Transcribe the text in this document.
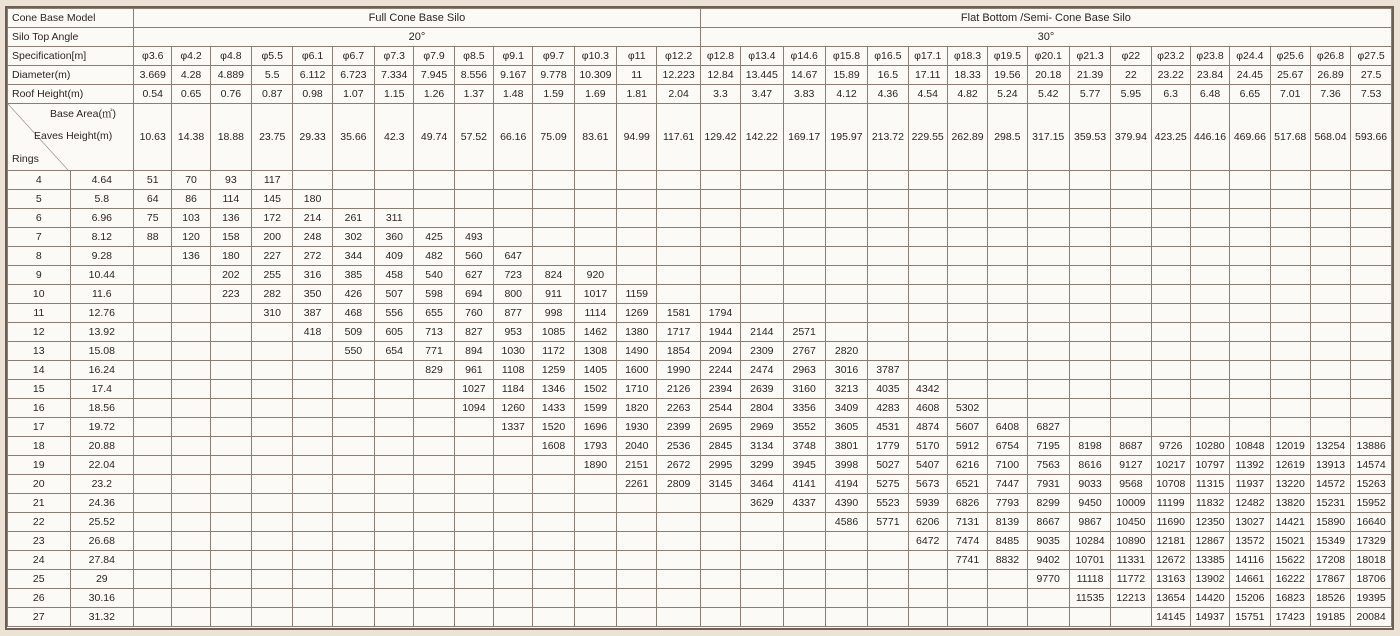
Cone Base Model		Full Cone Base Silo														Flat Bottom /Semi- Cone Base Silo																
Silo Top Angle		20°														30°																
Specification[m]		φ3.6	φ4.2	φ4.8	φ5.5	φ6.1	φ6.7	φ7.3	φ7.9	φ8.5	φ9.1	φ9.7	φ10.3	φ11	φ12.2	φ12.8	φ13.4	φ14.6	φ15.8	φ16.5	φ17.1	φ18.3	φ19.5	φ20.1	φ21.3	φ22	φ23.2	φ23.8	φ24.4	φ25.6	φ26.8	φ27.5
Diameter(m)		3.669	4.28	4.889	5.5	6.112	6.723	7.334	7.945	8.556	9.167	9.778	10.309	11	12.223	12.84	13.445	14.67	15.89	16.5	17.11	18.33	19.56	20.18	21.39	22	23.22	23.84	24.45	25.67	26.89	27.5
Roof Height(m)		0.54	0.65	0.76	0.87	0.98	1.07	1.15	1.26	1.37	1.48	1.59	1.69	1.81	2.04	3.3	3.47	3.83	4.12	4.36	4.54	4.82	5.24	5.42	5.77	5.95	6.3	6.48	6.65	7.01	7.36	7.53

Base Area(㎡)
Eaves Height(m)
Rings		10.63	14.38	18.88	23.75	29.33	35.66	42.3	49.74	57.52	66.16	75.09	83.61	94.99	117.61	129.42	142.22	169.17	195.97	213.72	229.55	262.89	298.5	317.15	359.53	379.94	423.25	446.16	469.66	517.68	568.04	593.66
4	4.64	51	70	93	117																											
5	5.8	64	86	114	145	180																										
6	6.96	75	103	136	172	214	261	311																								
7	8.12	88	120	158	200	248	302	360	425	493																						
8	9.28		136	180	227	272	344	409	482	560	647																					
9	10.44			202	255	316	385	458	540	627	723	824	920																			
10	11.6			223	282	350	426	507	598	694	800	911	1017	1159																		
11	12.76				310	387	468	556	655	760	877	998	1114	1269	1581	1794																
12	13.92					418	509	605	713	827	953	1085	1462	1380	1717	1944	2144	2571														
13	15.08						550	654	771	894	1030	1172	1308	1490	1854	2094	2309	2767	2820													
14	16.24								829	961	1108	1259	1405	1600	1990	2244	2474	2963	3016	3787												
15	17.4									1027	1184	1346	1502	1710	2126	2394	2639	3160	3213	4035	4342											
16	18.56									1094	1260	1433	1599	1820	2263	2544	2804	3356	3409	4283	4608	5302										
17	19.72										1337	1520	1696	1930	2399	2695	2969	3552	3605	4531	4874	5607	6408	6827								
18	20.88											1608	1793	2040	2536	2845	3134	3748	3801	1779	5170	5912	6754	7195	8198	8687	9726	10280	10848	12019	13254	13886
19	22.04												1890	2151	2672	2995	3299	3945	3998	5027	5407	6216	7100	7563	8616	9127	10217	10797	11392	12619	13913	14574
20	23.2													2261	2809	3145	3464	4141	4194	5275	5673	6521	7447	7931	9033	9568	10708	11315	11937	13220	14572	15263
21	24.36																3629	4337	4390	5523	5939	6826	7793	8299	9450	10009	11199	11832	12482	13820	15231	15952
22	25.52																		4586	5771	6206	7131	8139	8667	9867	10450	11690	12350	13027	14421	15890	16640
23	26.68																				6472	7474	8485	9035	10284	10890	12181	12867	13572	15021	15349	17329
24	27.84																					7741	8832	9402	10701	11331	12672	13385	14116	15622	17208	18018
25	29																							9770	11118	11772	13163	13902	14661	16222	17867	18706
26	30.16																								11535	12213	13654	14420	15206	16823	18526	19395
27	31.32																										14145	14937	15751	17423	19185	20084
